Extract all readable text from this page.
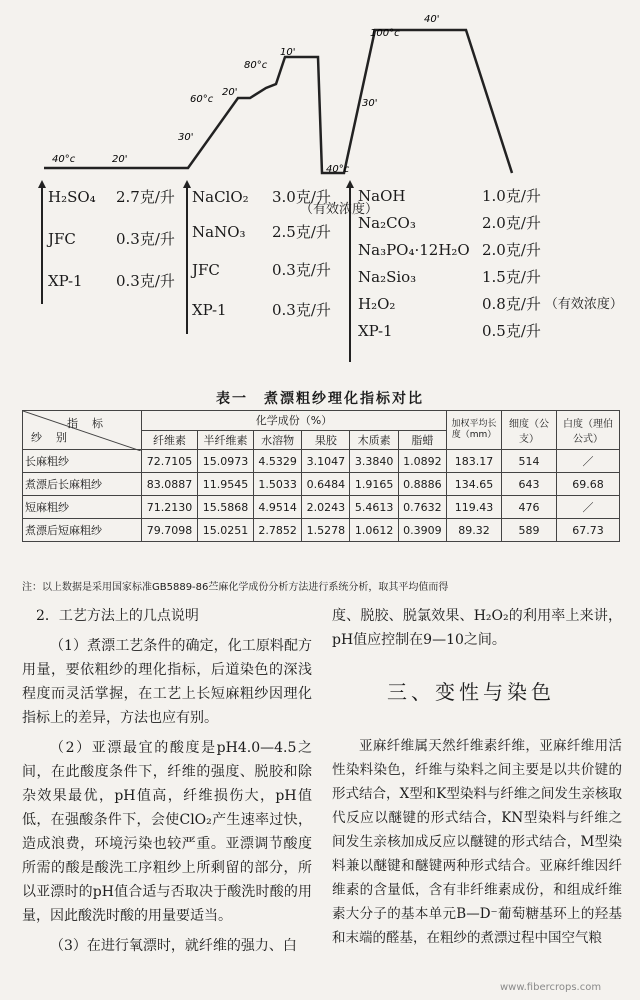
40°c	20'
30'
60°c
20'
80°c
10'
40°c
100°c
30'
40'
H₂SO₄	2.7克/升
JFC	0.3克/升
XP-1	0.3克/升
NaClO₂	3.0克/升
（有效浓度）
NaNO₃	2.5克/升
JFC	0.3克/升
XP-1	0.3克/升
NaOH	1.0克/升
Na₂CO₃	2.0克/升
Na₃PO₄·12H₂O 2.0克/升
Na₂Sio₃	1.5克/升
H₂O₂	0.8克/升 （有效浓度）
XP-1	0.5克/升
表一　煮漂粗纱理化指标对比
指标
纱别	化学成份（%）						加权平均长度（mm）	细度（公支）	白度（理伯公式）
	纤维素	半纤维素	水溶物	果胶	木质素	脂蜡			
长麻粗纱	72.7105	15.0973	4.5329	3.1047	3.3840	1.0892	183.17	514	／
煮漂后长麻粗纱	83.0887	11.9545	1.5033	0.6484	1.9165	0.8886	134.65	643	69.68
短麻粗纱	71.2130	15.5868	4.9514	2.0243	5.4613	0.7632	119.43	476	／
煮漂后短麻粗纱	79.7098	15.0251	2.7852	1.5278	1.0612	0.3909	89.32	589	67.73
注：以上数据是采用国家标准GB5889-86苎麻化学成份分析方法进行系统分析，取其平均值而得

2．工艺方法上的几点说明

（1）煮漂工艺条件的确定，化工原料配方用量，要依粗纱的理化指标，后道染色的深浅程度而灵活掌握，在工艺上长短麻粗纱因理化指标上的差异，方法也应有别。

（2）亚漂最宜的酸度是pH4.0—4.5之间，在此酸度条件下，纤维的强度、脱胶和除杂效果最优，pH值高，纤维损伤大，pH值低，在强酸条件下，会使ClO₂产生速率过快，造成浪费，环境污染也较严重。亚漂调节酸度所需的酸是酸洗工序粗纱上所剩留的部分，所以亚漂时的pH值合适与否取决于酸洗时酸的用量，因此酸洗时酸的用量要适当。

（3）在进行氧漂时，就纤维的强力、白

度、脱胶、脱氯效果、H₂O₂的利用率上来讲，pH值应控制在9—10之间。

三、变性与染色

亚麻纤维属天然纤维素纤维，亚麻纤维用活性染料染色，纤维与染料之间主要是以共价键的形式结合，X型和K型染料与纤维之间发生亲核取代反应以醚键的形式结合，KN型染料与纤维之间发生亲核加成反应以醚键的形式结合，M型染料兼以醚键和醚键两种形式结合。亚麻纤维因纤维素的含量低，含有非纤维素成份，和组成纤维素大分子的基本单元B—D⁻葡萄糖基环上的羟基和末端的醛基，在粗纱的煮漂过程中国空气粮

www.fibercrops.com
